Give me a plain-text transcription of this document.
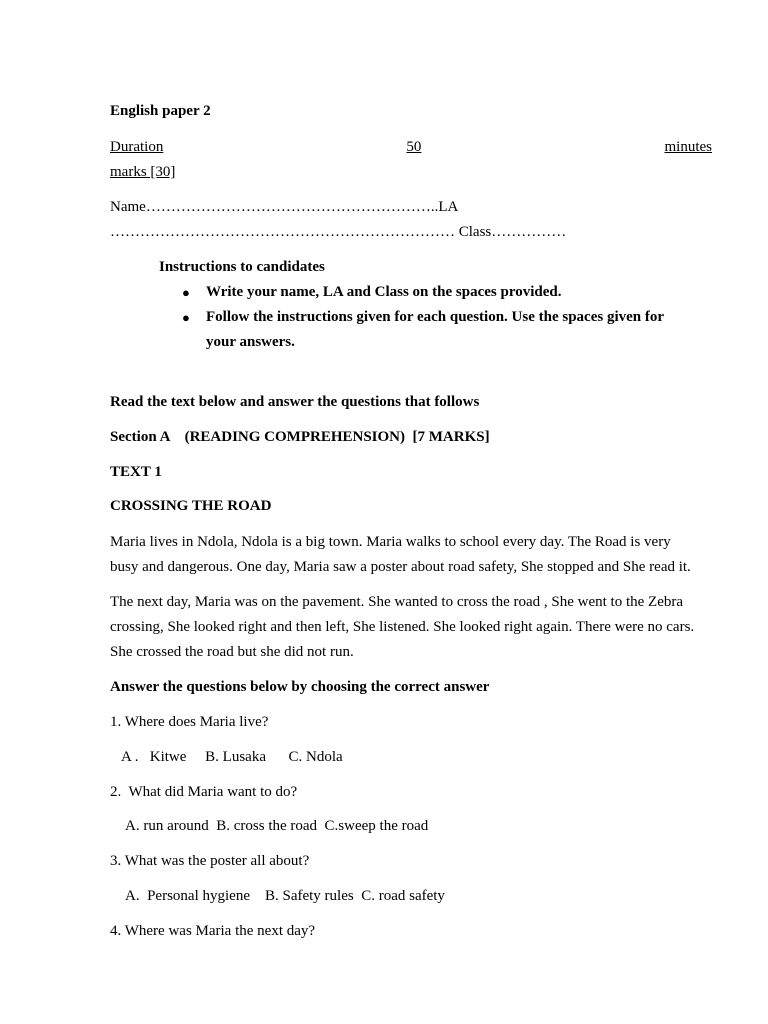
English paper 2
Duration	50	minutes
marks [30]
Name…………………………………………………..LA
…………………………………………………………… Class……………
Instructions to candidates
● Write your name, LA and Class on the spaces provided.
● Follow the instructions given for each question. Use the spaces given for
your answers.
Read the text below and answer the questions that follows
Section A    (READING COMPREHENSION)  [7 MARKS]
TEXT 1
CROSSING THE ROAD
Maria lives in Ndola, Ndola is a big town. Maria walks to school every day. The Road is very
busy and dangerous. One day, Maria saw a poster about road safety, She stopped and She read it.
The next day, Maria was on the pavement. She wanted to cross the road , She went to the Zebra
crossing, She looked right and then left, She listened. She looked right again. There were no cars.
She crossed the road but she did not run.
Answer the questions below by choosing the correct answer
1. Where does Maria live?
A .   Kitwe     B. Lusaka      C. Ndola
2.  What did Maria want to do?
A. run around  B. cross the road  C.sweep the road
3. What was the poster all about?
A.  Personal hygiene    B. Safety rules  C. road safety
4. Where was Maria the next day?
